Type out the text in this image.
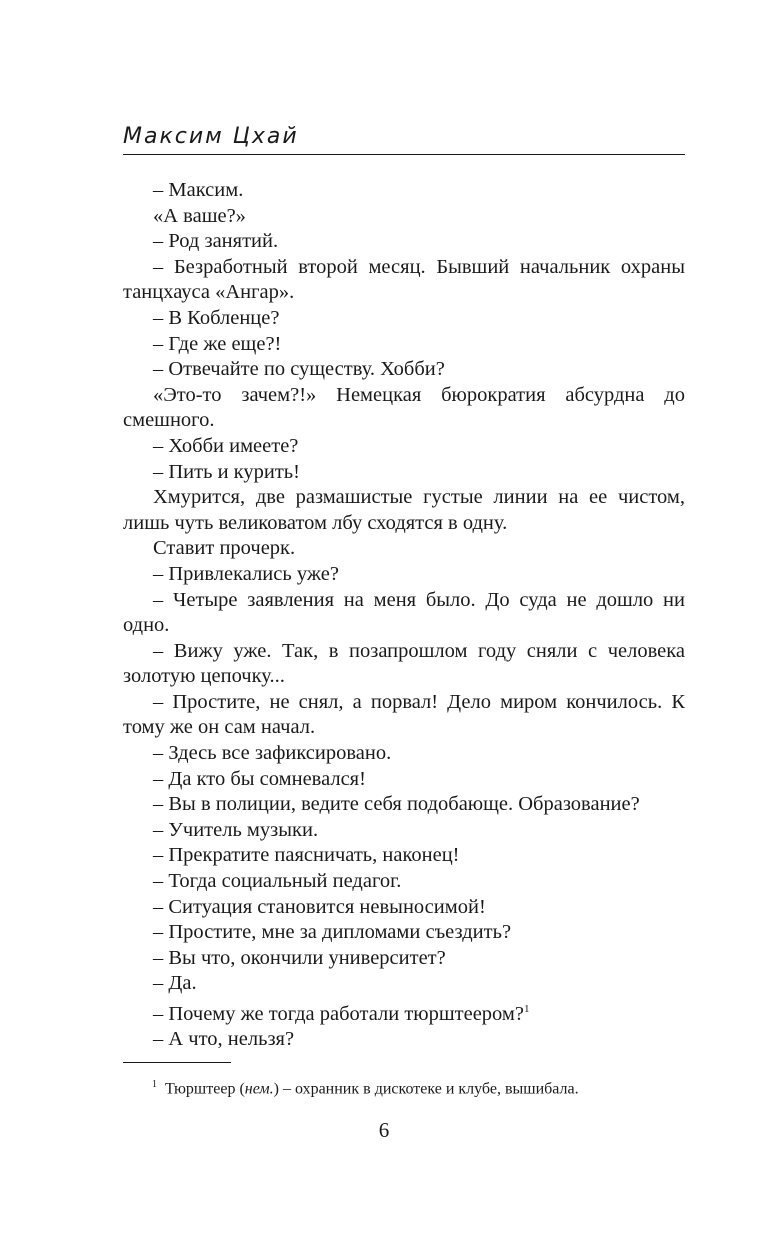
Максим Цхай

– Максим.

«А ваше?»

– Род занятий.

– Безработный второй месяц. Бывший начальник охраны танцхауса «Ангар».

– В Кобленце?

– Где же еще?!

– Отвечайте по существу. Хобби?

«Это-то зачем?!» Немецкая бюрократия абсурдна до смешного.

– Хобби имеете?

– Пить и курить!

Хмурится, две размашистые густые линии на ее чистом, лишь чуть великоватом лбу сходятся в одну.

Ставит прочерк.

– Привлекались уже?

– Четыре заявления на меня было. До суда не дошло ни одно.

– Вижу уже. Так, в позапрошлом году сняли с человека золотую цепочку...

– Простите, не снял, а порвал! Дело миром кончилось. К тому же он сам начал.

– Здесь все зафиксировано.

– Да кто бы сомневался!

– Вы в полиции, ведите себя подобающе. Образование?

– Учитель музыки.

– Прекратите паясничать, наконец!

– Тогда социальный педагог.

– Ситуация становится невыносимой!

– Простите, мне за дипломами съездить?

– Вы что, окончили университет?

– Да.

– Почему же тогда работали тюрштеером?$^1$

– А что, нельзя?

$^1$ Тюрштеер (нем.) – охранник в дискотеке и клубе, вышибала.
6
